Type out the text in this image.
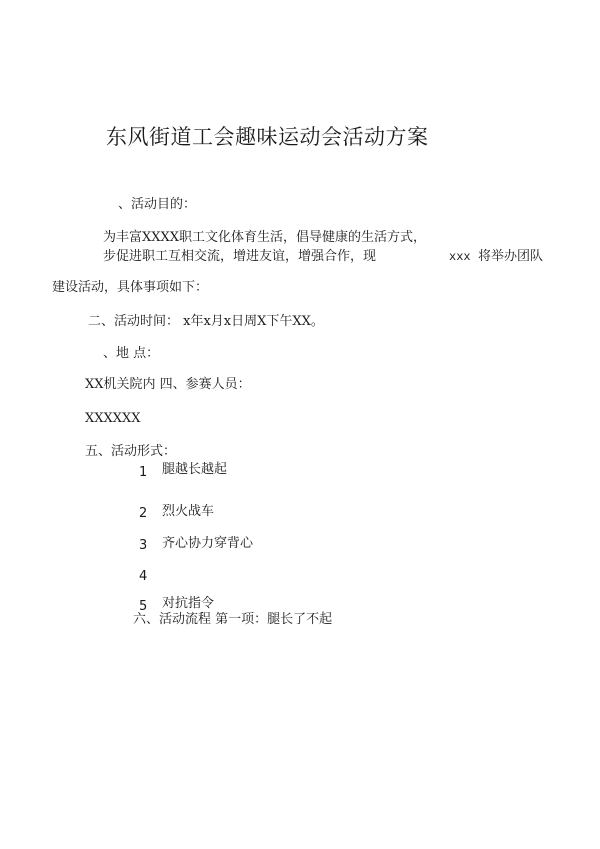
东风街道工会趣味运动会活动方案
、活动目的：
为丰富XXXX职工文化体育生活，倡导健康的生活方式，
步促进职工互相交流，增进友谊，增强合作，现	xxx 将举办团队
建设活动，具体事项如下：
二、活动时间： x年x月x日周X下午XX。
、地 点：
XX机关院内 四、参赛人员：
XXXXXX
五、活动形式：
1 腿越长越起
2 烈火战车
3 齐心协力穿背心
4
5 对抗指令
六、活动流程 第一项：腿长了不起
